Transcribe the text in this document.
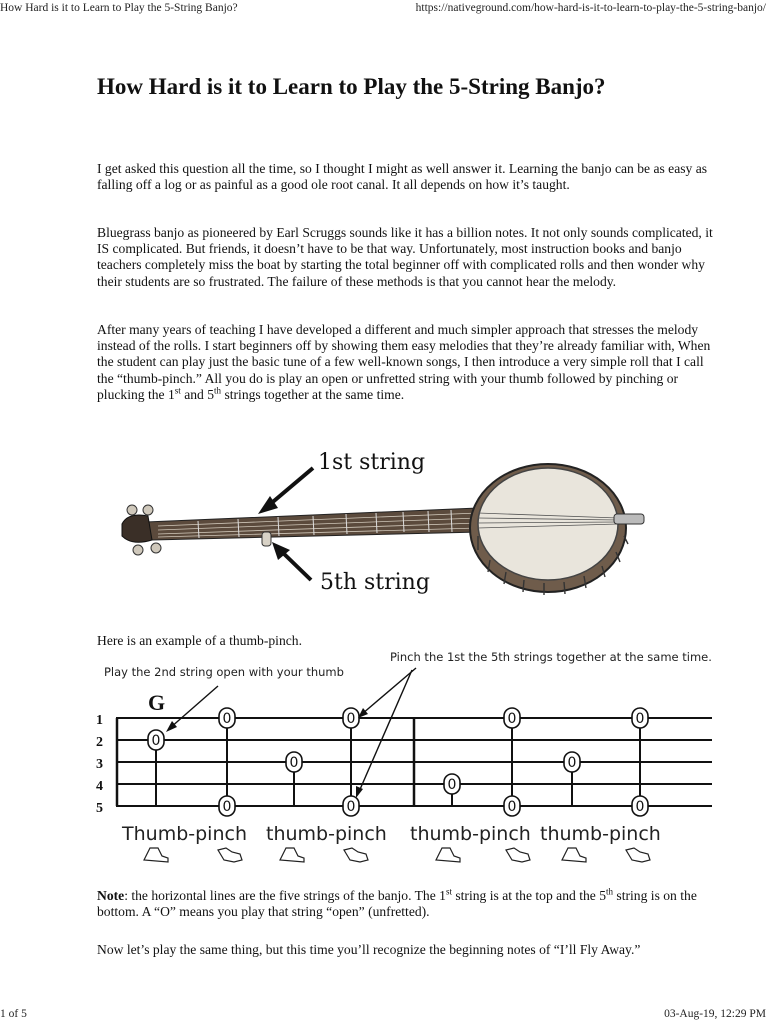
How Hard is it to Learn to Play the 5-String Banjo?	https://nativeground.com/how-hard-is-it-to-learn-to-play-the-5-string-banjo/
1 of 5	03-Aug-19, 12:29 PM
How Hard is it to Learn to Play the 5-String Banjo?

I get asked this question all the time, so I thought I might as well answer it. Learning the banjo can be as easy as falling off a log or as painful as a good ole root canal. It all depends on how it’s taught.

Bluegrass banjo as pioneered by Earl Scruggs sounds like it has a billion notes. It not only sounds complicated, it IS complicated. But friends, it doesn’t have to be that way. Unfortunately, most instruction books and banjo teachers completely miss the boat by starting the total beginner off with complicated rolls and then wonder why their students are so frustrated. The failure of these methods is that you cannot hear the melody.

After many years of teaching I have developed a different and much simpler approach that stresses the melody instead of the rolls. I start beginners off by showing them easy melodies that they’re already familiar with, When the student can play just the basic tune of a few well-known songs, I then introduce a very simple roll that I call the “thumb-pinch.” All you do is play an open or unfretted string with your thumb followed by pinching or plucking the 1st and 5th strings together at the same time.

1st string
5th string

Here is an example of a thumb-pinch.

Play the 2nd string open with your thumb
Pinch the 1st the 5th strings together at the same time.
G
1
2
3
4
5
0
0
0
0
0
0
0
0
0
0
0
0
Thumb-pinch thumb-pinch thumb-pinch thumb-pinch

Note: the horizontal lines are the five strings of the banjo. The 1st string is at the top and the 5th string is on the bottom. A “O” means you play that string “open” (unfretted).

Now let’s play the same thing, but this time you’ll recognize the beginning notes of “I’ll Fly Away.”
